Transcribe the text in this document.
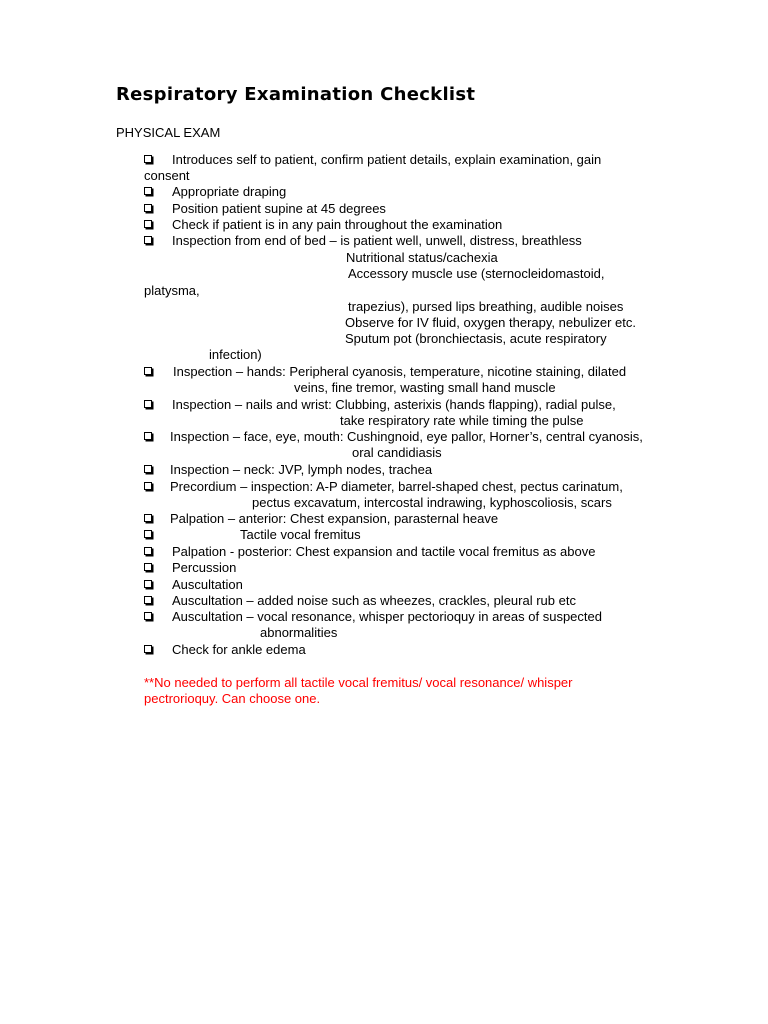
Respiratory Examination Checklist
PHYSICAL EXAM
Introduces self to patient, confirm patient details, explain examination, gain
consent
Appropriate draping
Position patient supine at 45 degrees
Check if patient is in any pain throughout the examination
Inspection from end of bed – is patient well, unwell, distress, breathless
Nutritional status/cachexia
Accessory muscle use (sternocleidomastoid,
platysma,
trapezius), pursed lips breathing, audible noises
Observe for IV fluid, oxygen therapy, nebulizer etc.
Sputum pot (bronchiectasis, acute respiratory
infection)
Inspection – hands: Peripheral cyanosis, temperature, nicotine staining, dilated
veins, fine tremor, wasting small hand muscle
Inspection – nails and wrist: Clubbing, asterixis (hands flapping), radial pulse,
take respiratory rate while timing the pulse
Inspection – face, eye, mouth: Cushingnoid, eye pallor, Horner’s, central cyanosis,
oral candidiasis
Inspection – neck: JVP, lymph nodes, trachea
Precordium – inspection: A-P diameter, barrel-shaped chest, pectus carinatum,
pectus excavatum, intercostal indrawing, kyphoscoliosis, scars
Palpation – anterior: Chest expansion, parasternal heave
Tactile vocal fremitus
Palpation - posterior: Chest expansion and tactile vocal fremitus as above
Percussion
Auscultation
Auscultation – added noise such as wheezes, crackles, pleural rub etc
Auscultation – vocal resonance, whisper pectorioquy in areas of suspected
abnormalities
Check for ankle edema
**No needed to perform all tactile vocal fremitus/ vocal resonance/ whisper
pectrorioquy. Can choose one.
